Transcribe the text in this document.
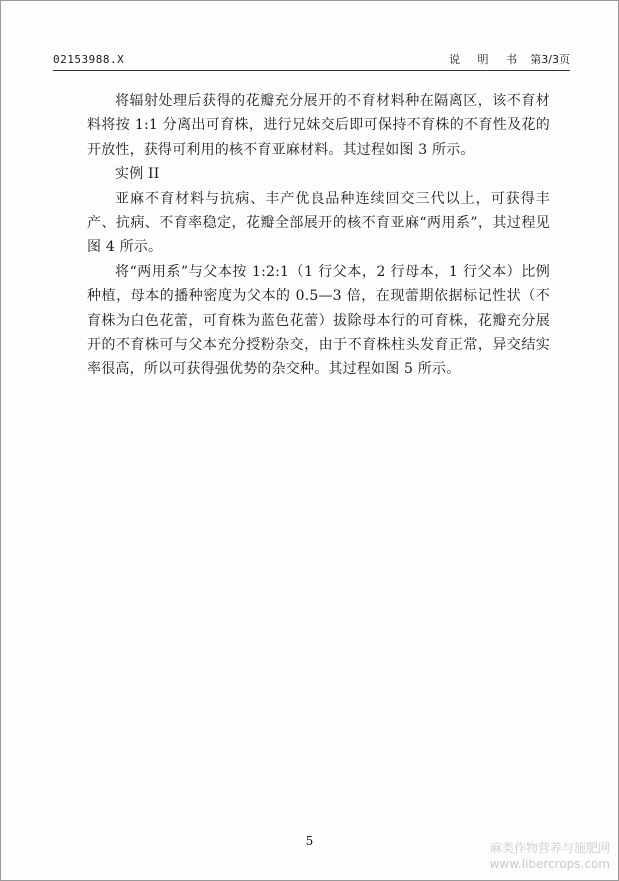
02153988.X	说 明 书 第3/3页

将辐射处理后获得的花瓣充分展开的不育材料种在隔离区，该不育材料将按 1:1 分离出可育株，进行兄妹交后即可保持不育株的不育性及花的开放性，获得可利用的核不育亚麻材料。其过程如图 3 所示。

实例 II

亚麻不育材料与抗病、丰产优良品种连续回交三代以上，可获得丰产、抗病、不育率稳定，花瓣全部展开的核不育亚麻“两用系”，其过程见图 4 所示。

将“两用系”与父本按 1:2:1（1 行父本，2 行母本，1 行父本）比例种植，母本的播种密度为父本的 0.5—3 倍，在现蕾期依据标记性状（不育株为白色花蕾，可育株为蓝色花蕾）拔除母本行的可育株，花瓣充分展开的不育株可与父本充分授粉杂交，由于不育株柱头发育正常，异交结实率很高，所以可获得强优势的杂交种。其过程如图 5 所示。

5	麻类作物营养与施肥网
www.libercrops.com
